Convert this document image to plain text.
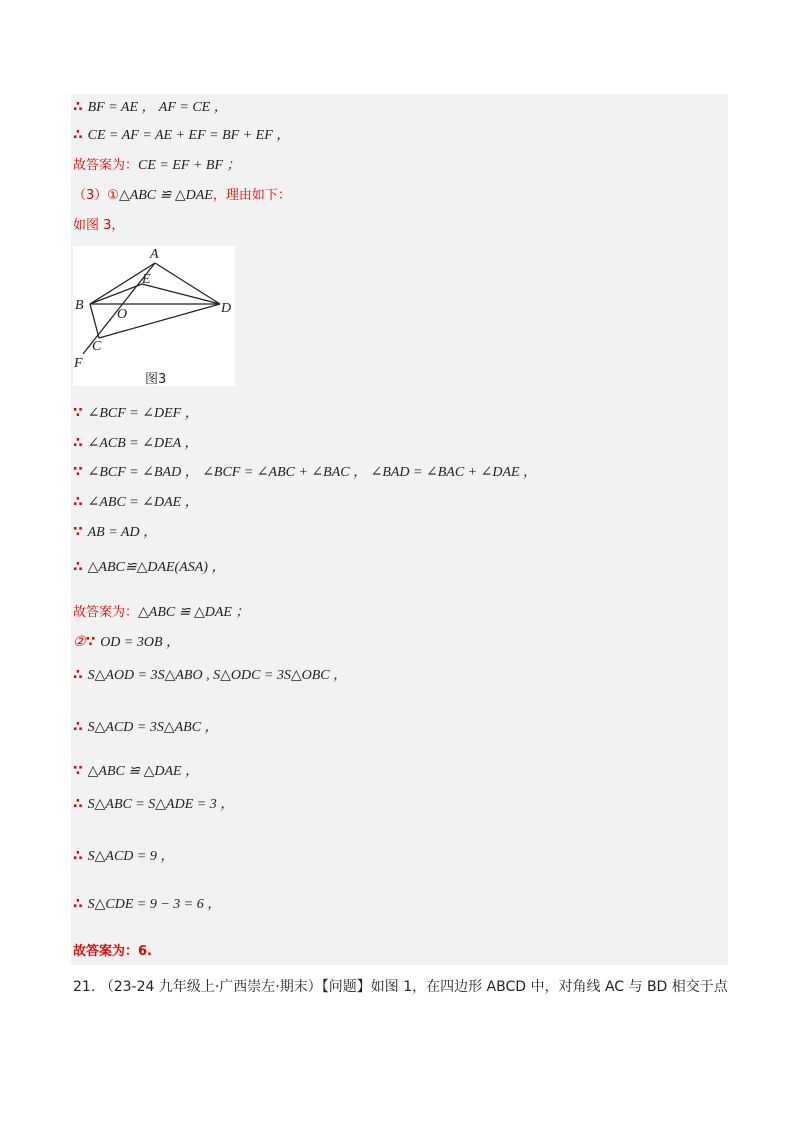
∴ BF = AE ， AF = CE ，
∴ CE = AF = AE + EF = BF + EF ，
故答案为：CE = EF + BF ；
（3）①△ABC ≌ △DAE，理由如下：
如图 3，
A
E
B	D
O
C
F
图3
∵ ∠BCF = ∠DEF ，
∴ ∠ACB = ∠DEA ，
∵ ∠BCF = ∠BAD ， ∠BCF = ∠ABC + ∠BAC ， ∠BAD = ∠BAC + ∠DAE ，
∴ ∠ABC = ∠DAE ，
∵ AB = AD ，
∴ △ABC≌△DAE(ASA) ，
故答案为：△ABC ≌ △DAE ；
②∵ OD = 3OB ，
∴ S△AOD = 3S△ABO , S△ODC = 3S△OBC ，
∴ S△ACD = 3S△ABC ，
∵ △ABC ≌ △DAE ，
∴ S△ABC = S△ADE = 3 ，
∴ S△ACD = 9 ，
∴ S△CDE = 9 − 3 = 6 ，
故答案为：6.
21. （23-24 九年级上·广西崇左·期末）【问题】如图 1，在四边形 ABCD 中，对角线 AC 与 BD 相交于点
